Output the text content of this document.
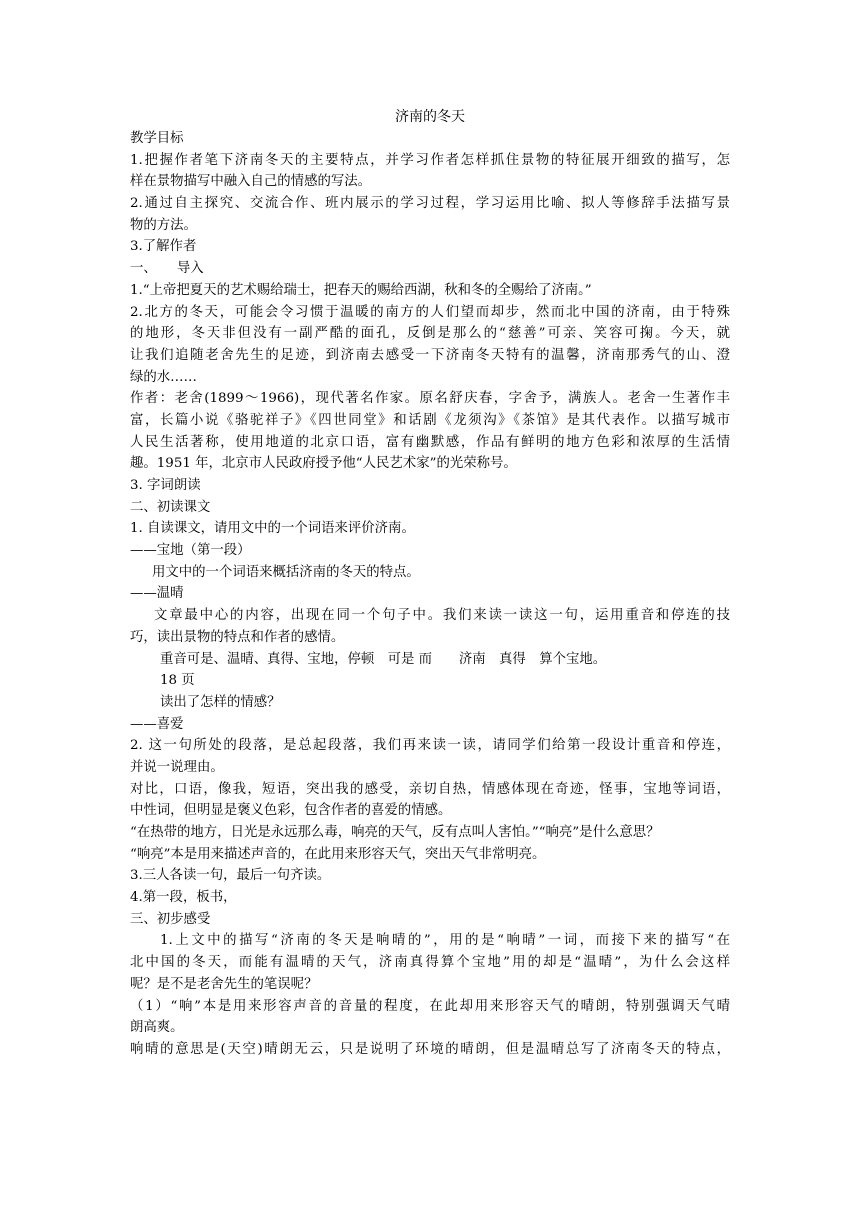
济南的冬天
教学目标
1.把握作者笔下济南冬天的主要特点，并学习作者怎样抓住景物的特征展开细致的描写，怎
样在景物描写中融入自己的情感的写法。
2.通过自主探究、交流合作、班内展示的学习过程，学习运用比喻、拟人等修辞手法描写景
物的方法。
3.了解作者
一、　　导入
1.“上帝把夏天的艺术赐给瑞士，把春天的赐给西湖，秋和冬的全赐给了济南。”
2.北方的冬天，可能会令习惯于温暖的南方的人们望而却步，然而北中国的济南，由于特殊
的地形，冬天非但没有一副严酷的面孔，反倒是那么的“慈善”可亲、笑容可掬。今天，就
让我们追随老舍先生的足迹，到济南去感受一下济南冬天特有的温馨，济南那秀气的山、澄
绿的水……
作者：老舍(1899～1966)，现代著名作家。原名舒庆春，字舍予，满族人。老舍一生著作丰
富，长篇小说《骆驼祥子》《四世同堂》和话剧《龙须沟》《茶馆》是其代表作。以描写城市
人民生活著称，使用地道的北京口语，富有幽默感，作品有鲜明的地方色彩和浓厚的生活情
趣。1951 年，北京市人民政府授予他“人民艺术家”的光荣称号。
3. 字词朗读
二、初读课文
1. 自读课文，请用文中的一个词语来评价济南。
——宝地（第一段）
用文中的一个词语来概括济南的冬天的特点。
——温晴
文章最中心的内容，出现在同一个句子中。我们来读一读这一句，运用重音和停连的技
巧，读出景物的特点和作者的感情。
重音可是、温晴、真得、宝地，停顿　可是 而　　济南　真得　算个宝地。
18 页
读出了怎样的情感？
——喜爱
2. 这一句所处的段落，是总起段落，我们再来读一读，请同学们给第一段设计重音和停连，
并说一说理由。
对比，口语，像我，短语，突出我的感受，亲切自热，情感体现在奇迹，怪事，宝地等词语，
中性词，但明显是褒义色彩，包含作者的喜爱的情感。
“在热带的地方，日光是永远那么毒，响亮的天气，反有点叫人害怕。”“响亮”是什么意思？
“响亮”本是用来描述声音的，在此用来形容天气，突出天气非常明亮。
3.三人各读一句，最后一句齐读。
4.第一段，板书，
三、初步感受
1.上文中的描写“济南的冬天是响晴的”，用的是“响晴”一词，而接下来的描写“在
北中国的冬天，而能有温晴的天气，济南真得算个宝地”用的却是“温晴”，为什么会这样
呢？是不是老舍先生的笔误呢？
（1）“响”本是用来形容声音的音量的程度，在此却用来形容天气的晴朗，特别强调天气晴
朗高爽。
响晴的意思是(天空)晴朗无云，只是说明了环境的晴朗，但是温晴总写了济南冬天的特点，
